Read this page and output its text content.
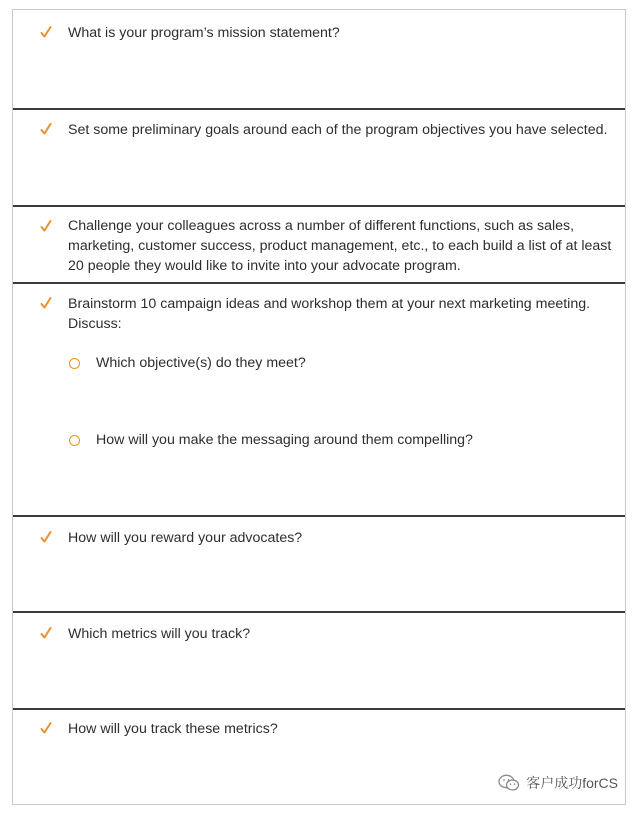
What is your program’s mission statement?
Set some preliminary goals around each of the program objectives you have selected.
Challenge your colleagues across a number of different functions, such as sales, marketing, customer success, product management, etc., to each build a list of at least 20 people they would like to invite into your advocate program.
Brainstorm 10 campaign ideas and workshop them at your next marketing meeting. Discuss:
Which objective(s) do they meet?
How will you make the messaging around them compelling?
How will you reward your advocates?
Which metrics will you track?
How will you track these metrics?
客户成功forCS
